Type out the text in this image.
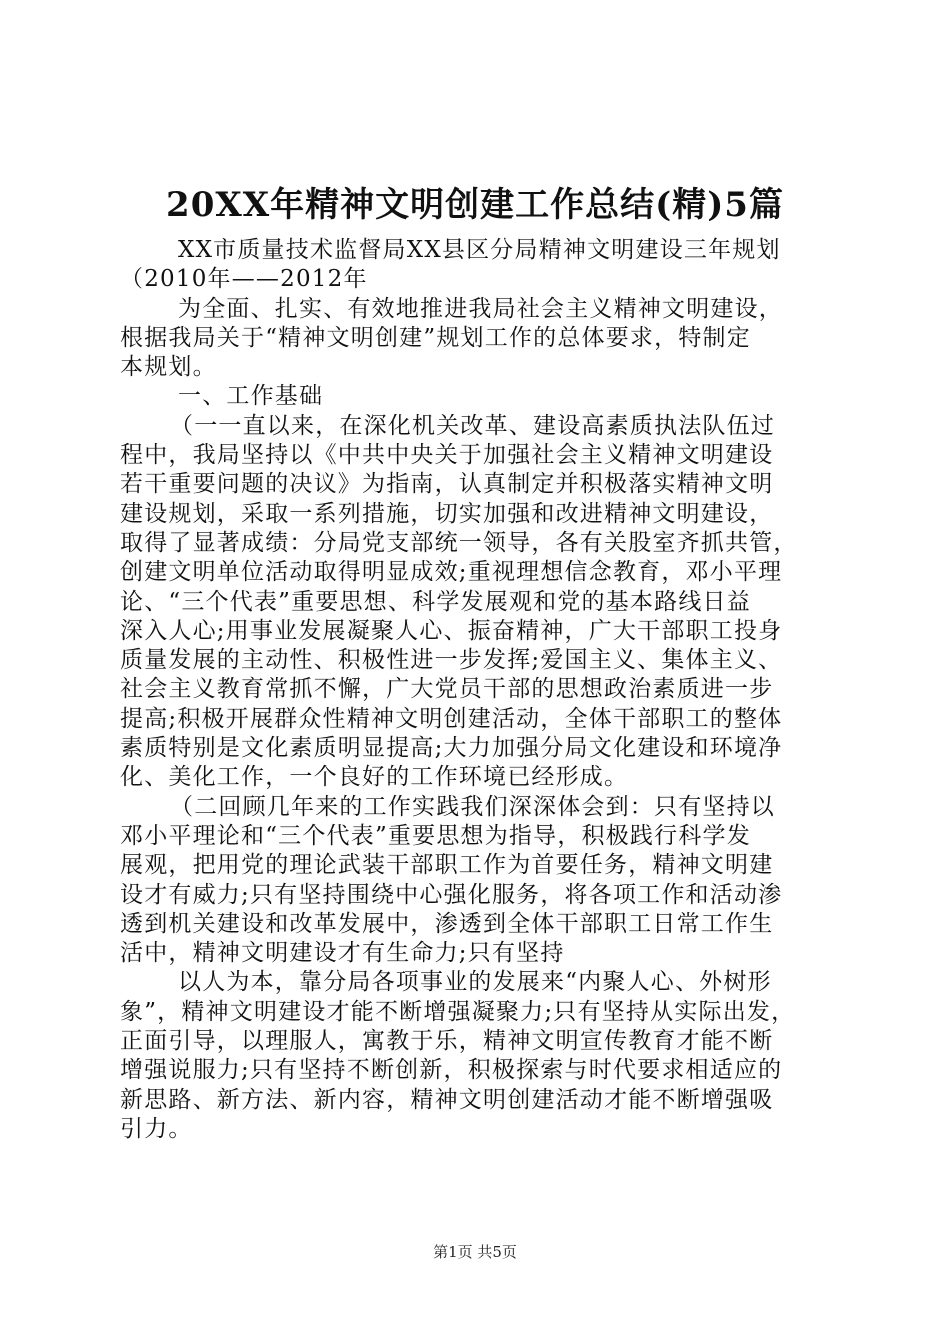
20XX年精神文明创建工作总结(精)5篇
XX市质量技术监督局XX县区分局精神文明建设三年规划
（2010年——2012年
为全面、扎实、有效地推进我局社会主义精神文明建设，
根据我局关于“精神文明创建”规划工作的总体要求，特制定
本规划。
一、工作基础
（一一直以来，在深化机关改革、建设高素质执法队伍过
程中，我局坚持以《中共中央关于加强社会主义精神文明建设
若干重要问题的决议》为指南，认真制定并积极落实精神文明
建设规划，采取一系列措施，切实加强和改进精神文明建设，
取得了显著成绩：分局党支部统一领导，各有关股室齐抓共管，
创建文明单位活动取得明显成效;重视理想信念教育，邓小平理
论、“三个代表”重要思想、科学发展观和党的基本路线日益
深入人心;用事业发展凝聚人心、振奋精神，广大干部职工投身
质量发展的主动性、积极性进一步发挥;爱国主义、集体主义、
社会主义教育常抓不懈，广大党员干部的思想政治素质进一步
提高;积极开展群众性精神文明创建活动，全体干部职工的整体
素质特别是文化素质明显提高;大力加强分局文化建设和环境净
化、美化工作，一个良好的工作环境已经形成。
（二回顾几年来的工作实践我们深深体会到：只有坚持以
邓小平理论和“三个代表”重要思想为指导，积极践行科学发
展观，把用党的理论武装干部职工作为首要任务，精神文明建
设才有威力;只有坚持围绕中心强化服务，将各项工作和活动渗
透到机关建设和改革发展中，渗透到全体干部职工日常工作生
活中，精神文明建设才有生命力;只有坚持
以人为本，靠分局各项事业的发展来“内聚人心、外树形
象”，精神文明建设才能不断增强凝聚力;只有坚持从实际出发，
正面引导，以理服人，寓教于乐，精神文明宣传教育才能不断
增强说服力;只有坚持不断创新，积极探索与时代要求相适应的
新思路、新方法、新内容，精神文明创建活动才能不断增强吸
引力。
第1页 共5页
